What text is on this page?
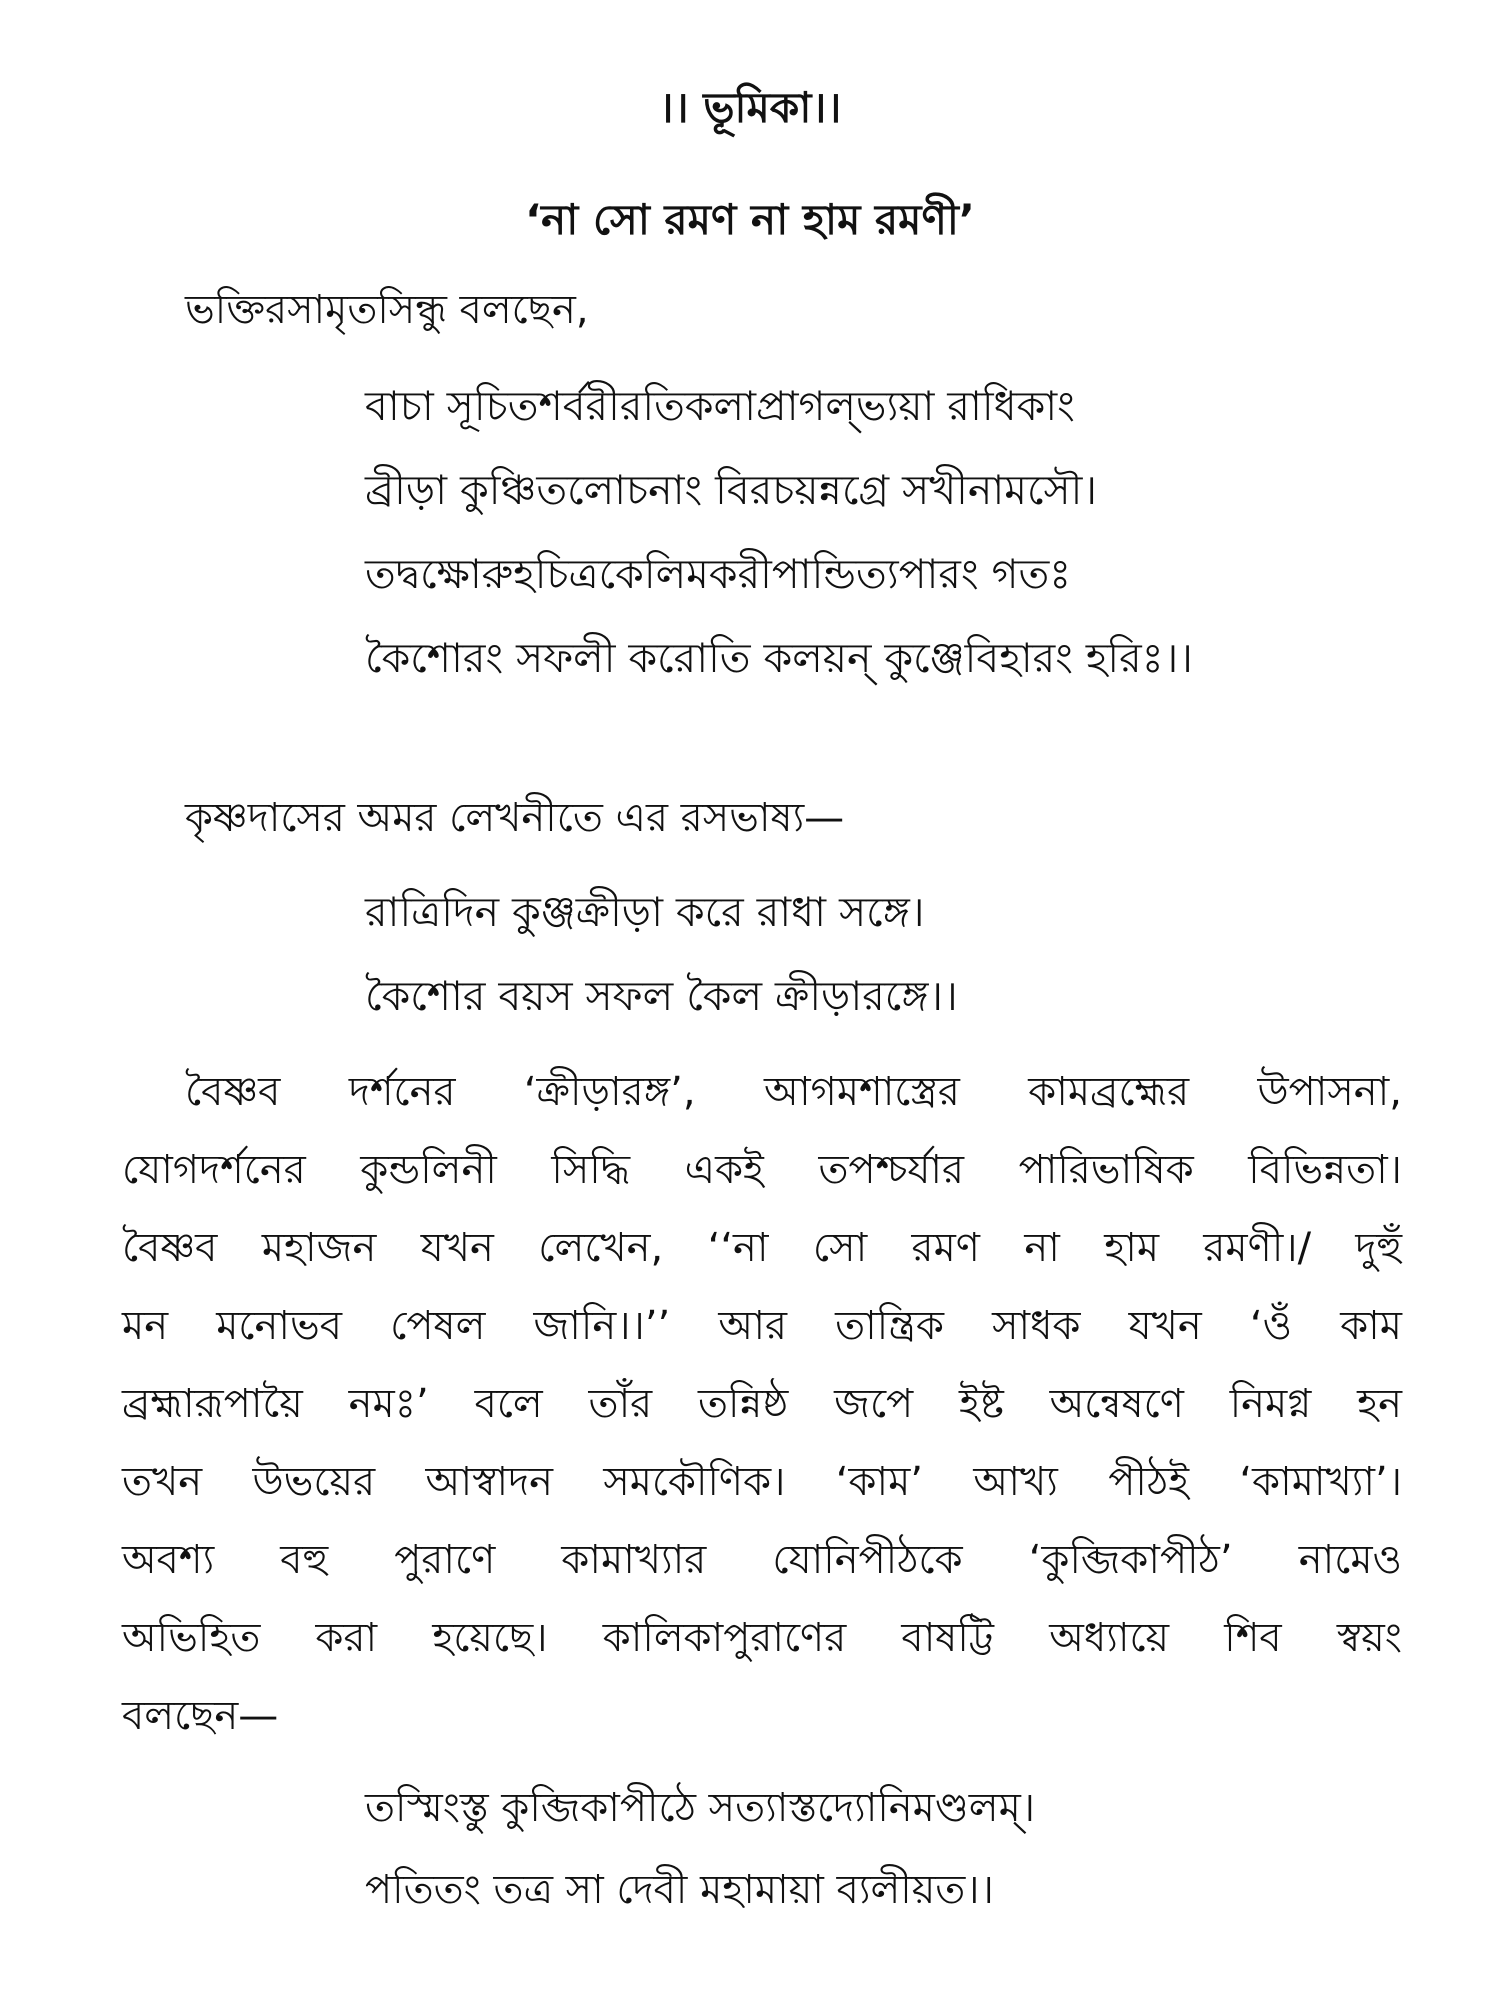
।। ভূমিকা।।
‘না সো রমণ না হাম রমণী’
ভক্তিরসামৃতসিন্ধু বলছেন,
বাচা সূচিতশর্বরীরতিকলাপ্রাগল্‌ভ্যয়া রাধিকাং
ব্রীড়া কুঞ্চিতলোচনাং বিরচয়ন্নগ্রে সখীনামসৌ।
তদ্বক্ষোরুহচিত্রকেলিমকরীপান্ডিত্যপারং গতঃ
কৈশোরং সফলী করোতি কলয়ন্ কুঞ্জেবিহারং হরিঃ।।
কৃষ্ণদাসের অমর লেখনীতে এর রসভাষ্য—
রাত্রিদিন কুঞ্জক্রীড়া করে রাধা সঙ্গে।
কৈশোর বয়স সফল কৈল ক্রীড়ারঙ্গে।।
বৈষ্ণব দর্শনের ‘ক্রীড়ারঙ্গ’, আগমশাস্ত্রের কামব্রহ্মের উপাসনা,
যোগদর্শনের কুন্ডলিনী সিদ্ধি একই তপশ্চর্যার পারিভাষিক বিভিন্নতা।
বৈষ্ণব মহাজন যখন লেখেন, ‘‘না সো রমণ না হাম রমণী।/ দুহুঁ
মন মনোভব পেষল জানি।।’’ আর তান্ত্রিক সাধক যখন ‘ওঁ কাম
ব্রহ্মারূপায়ৈ নমঃ’ বলে তাঁর তন্নিষ্ঠ জপে ইষ্ট অন্বেষণে নিমগ্ন হন
তখন উভয়ের আস্বাদন সমকৌণিক। ‘কাম’ আখ্য পীঠই ‘কামাখ্যা’।
অবশ্য বহু পুরাণে কামাখ্যার যোনিপীঠকে ‘কুব্জিকাপীঠ’ নামেও
অভিহিত করা হয়েছে। কালিকাপুরাণের বাষট্টি অধ্যায়ে শিব স্বয়ং
বলছেন—
তস্মিংস্তু কুব্জিকাপীঠে সত্যাস্তদ্যোনিমণ্ডলম্।
পতিতং তত্র সা দেবী মহামায়া ব্যলীয়ত।।
